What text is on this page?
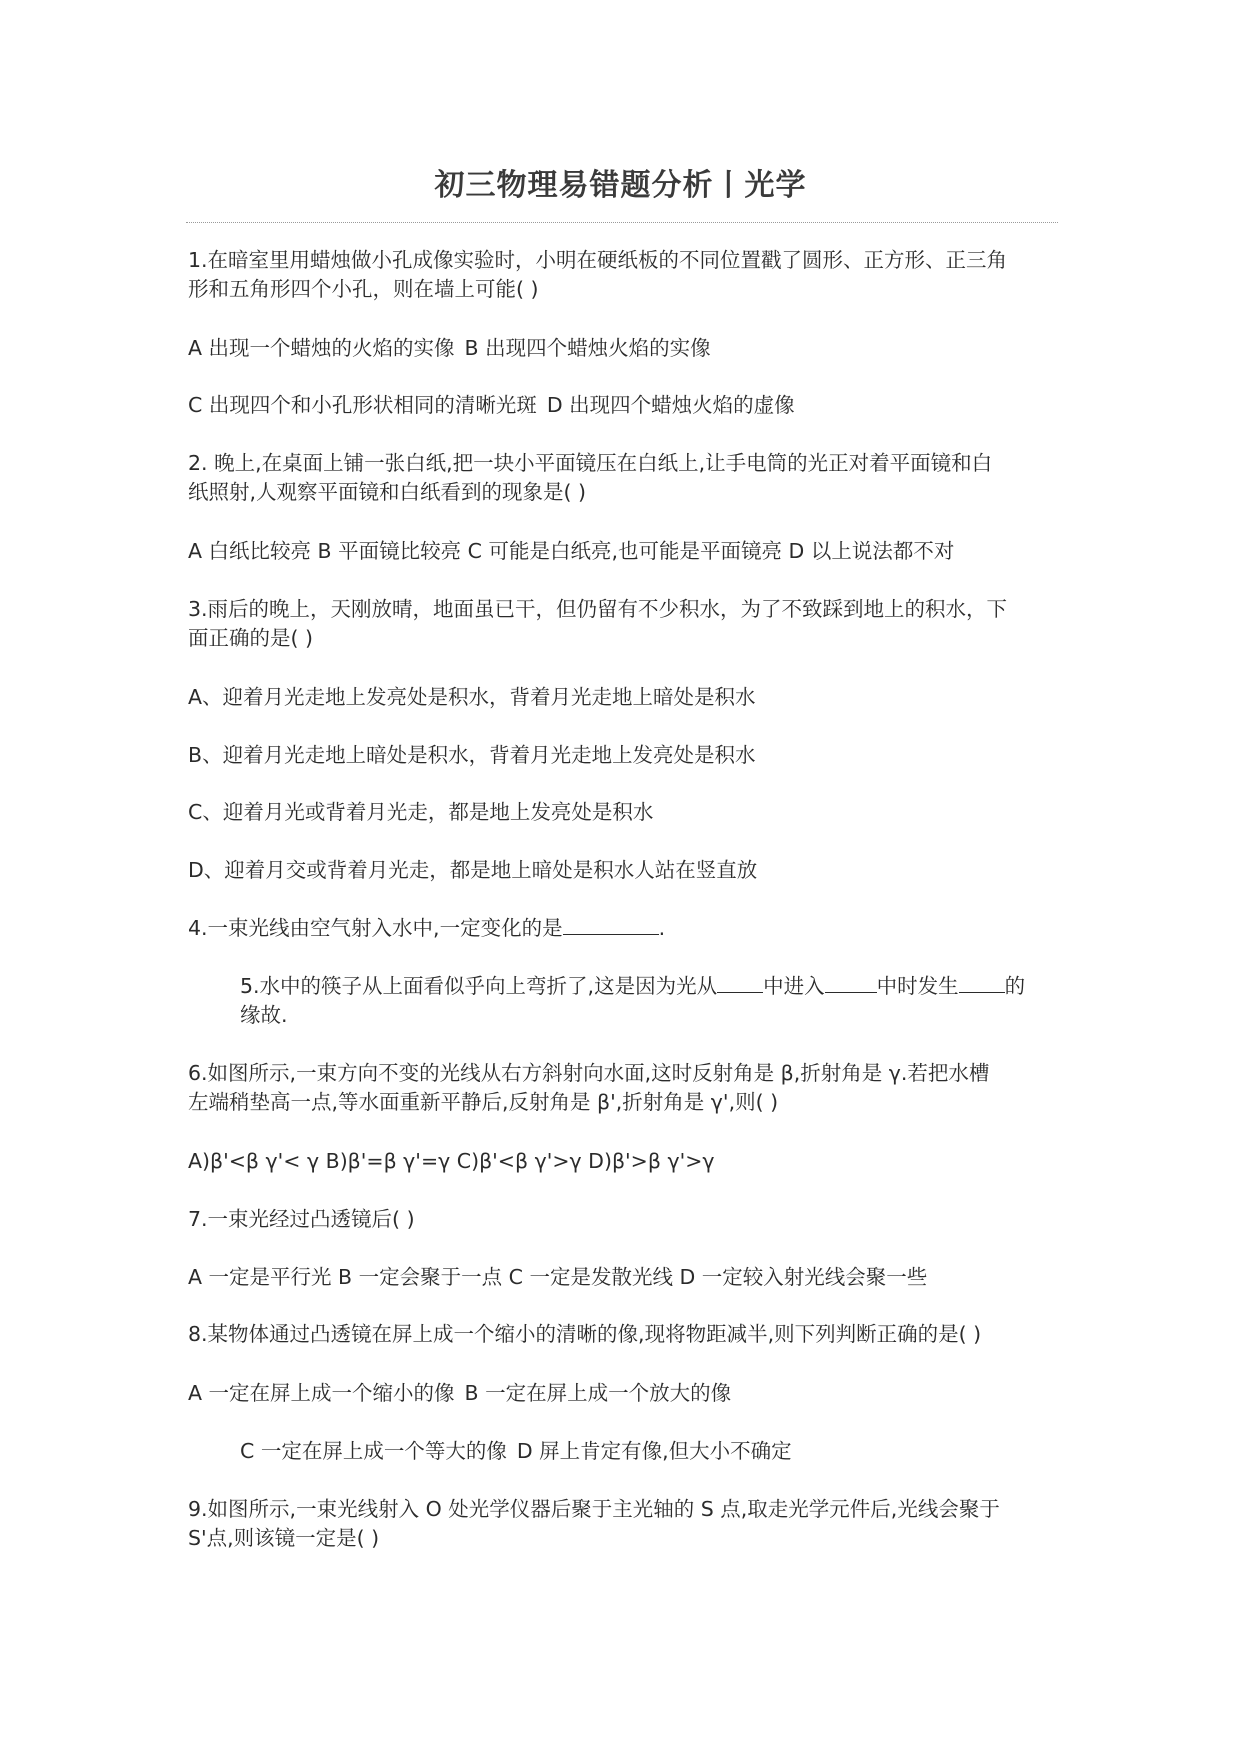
初三物理易错题分析丨光学
1.在暗室里用蜡烛做小孔成像实验时，小明在硬纸板的不同位置戳了圆形、正方形、正三角
形和五角形四个小孔，则在墙上可能( )
A 出现一个蜡烛的火焰的实像 B 出现四个蜡烛火焰的实像
C 出现四个和小孔形状相同的清晰光斑 D 出现四个蜡烛火焰的虚像
2. 晚上,在桌面上铺一张白纸,把一块小平面镜压在白纸上,让手电筒的光正对着平面镜和白
纸照射,人观察平面镜和白纸看到的现象是( )
A 白纸比较亮 B 平面镜比较亮 C 可能是白纸亮,也可能是平面镜亮 D 以上说法都不对
3.雨后的晚上，天刚放晴，地面虽已干，但仍留有不少积水，为了不致踩到地上的积水，下
面正确的是( )
A、迎着月光走地上发亮处是积水，背着月光走地上暗处是积水
B、迎着月光走地上暗处是积水，背着月光走地上发亮处是积水
C、迎着月光或背着月光走，都是地上发亮处是积水
D、迎着月交或背着月光走，都是地上暗处是积水人站在竖直放
4.一束光线由空气射入水中,一定变化的是	.
5.水中的筷子从上面看似乎向上弯折了,这是因为光从 中进入	中时发生 的
缘故.
6.如图所示,一束方向不变的光线从右方斜射向水面,这时反射角是 β,折射角是 γ.若把水槽
左端稍垫高一点,等水面重新平静后,反射角是 β',折射角是 γ',则( )
A)β'<β γ'< γ B)β'=β γ'=γ C)β'<β γ'>γ D)β'>β γ'>γ
7.一束光经过凸透镜后( )
A 一定是平行光 B 一定会聚于一点 C 一定是发散光线 D 一定较入射光线会聚一些
8.某物体通过凸透镜在屏上成一个缩小的清晰的像,现将物距减半,则下列判断正确的是( )
A 一定在屏上成一个缩小的像 B 一定在屏上成一个放大的像
C 一定在屏上成一个等大的像 D 屏上肯定有像,但大小不确定
9.如图所示,一束光线射入 O 处光学仪器后聚于主光轴的 S 点,取走光学元件后,光线会聚于
S'点,则该镜一定是( )
